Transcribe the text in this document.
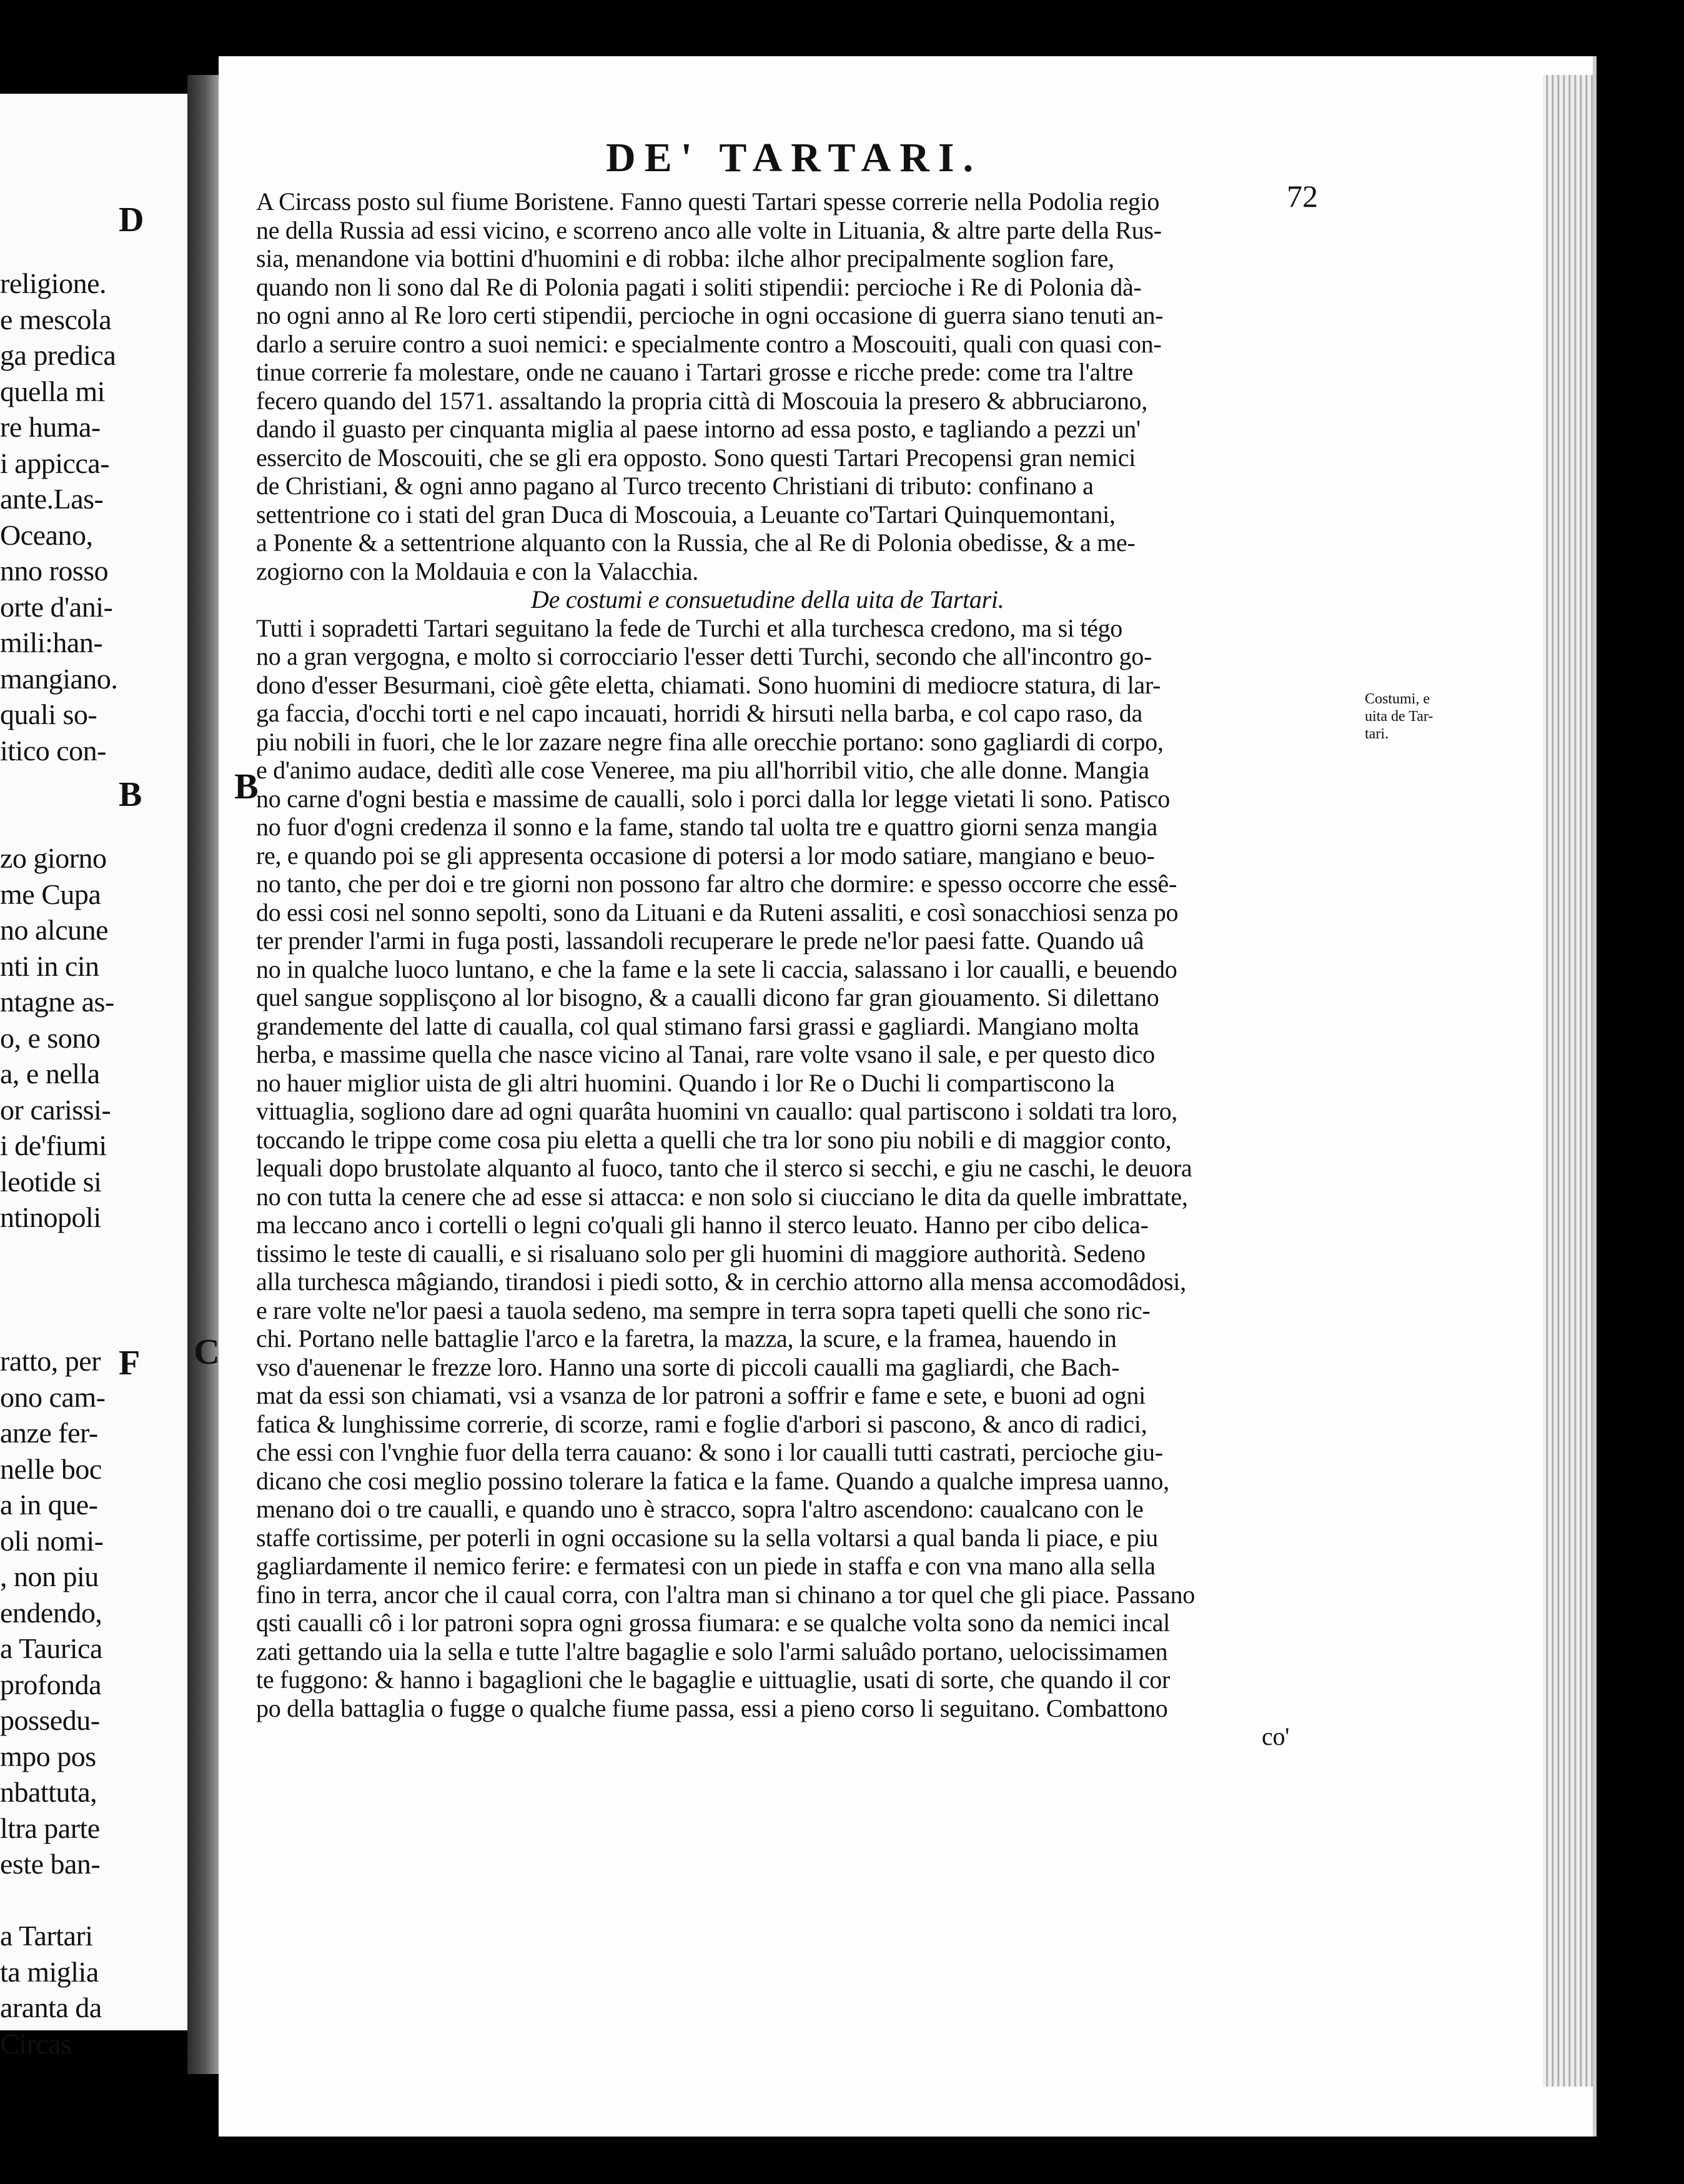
religione.
e mescola
ga predica
quella mi
re huma-
i appicca-
ante.Las-
Oceano,
nno rosso
orte d'ani-
mili:han-
mangiano.
quali so-
itico con-
zo giorno
me Cupa
no alcune
nti in cin
ntagne as-
o, e sono
a, e nella
or carissi-
i de'fiumi
leotide si
ntinopoli
ratto, per
ono cam-
anze fer-
nelle boc
a in que-
oli nomi-
, non piu
endendo,
a Taurica
profonda
possedu-
mpo pos
nbattuta,
ltra parte
este ban-
a Tartari
ta miglia
aranta da
Circas
D
B
F
DE' TARTARI.
72
A Circass posto sul fiume Boristene. Fanno questi Tartari spesse correrie nella Podolia regio
ne della Russia ad essi vicino, e scorreno anco alle volte in Lituania, & altre parte della Rus-
sia, menandone via bottini d'huomini e di robba: ilche alhor precipalmente soglion fare,
quando non li sono dal Re di Polonia pagati i soliti stipendii: percioche i Re di Polonia dà-
no ogni anno al Re loro certi stipendii, percioche in ogni occasione di guerra siano tenuti an-
darlo a seruire contro a suoi nemici: e specialmente contro a Moscouiti, quali con quasi con-
tinue correrie fa molestare, onde ne cauano i Tartari grosse e ricche prede: come tra l'altre
fecero quando del 1571. assaltando la propria città di Moscouia la presero & abbruciarono,
dando il guasto per cinquanta miglia al paese intorno ad essa posto, e tagliando a pezzi un'
essercito de Moscouiti, che se gli era opposto. Sono questi Tartari Precopensi gran nemici
de Christiani, & ogni anno pagano al Turco trecento Christiani di tributo: confinano a
settentrione co i stati del gran Duca di Moscouia, a Leuante co'Tartari Quinquemontani,
a Ponente & a settentrione alquanto con la Russia, che al Re di Polonia obedisse, & a me-
zogiorno con la Moldauia e con la Valacchia.
De costumi e consuetudine della uita de Tartari.
Tutti i sopradetti Tartari seguitano la fede de Turchi et alla turchesca credono, ma si tégo
no a gran vergogna, e molto si corrocciario l'esser detti Turchi, secondo che all'incontro go-
dono d'esser Besurmani, cioè gête eletta, chiamati. Sono huomini di mediocre statura, di lar-
ga faccia, d'occhi torti e nel capo incauati, horridi & hirsuti nella barba, e col capo raso, da
piu nobili in fuori, che le lor zazare negre fina alle orecchie portano: sono gagliardi di corpo,
e d'animo audace, deditì alle cose Veneree, ma piu all'horribil vitio, che alle donne. Mangia
no carne d'ogni bestia e massime de caualli, solo i porci dalla lor legge vietati li sono. Patisco
no fuor d'ogni credenza il sonno e la fame, stando tal uolta tre e quattro giorni senza mangia
re, e quando poi se gli appresenta occasione di potersi a lor modo satiare, mangiano e beuo-
no tanto, che per doi e tre giorni non possono far altro che dormire: e spesso occorre che essê-
do essi cosi nel sonno sepolti, sono da Lituani e da Ruteni assaliti, e così sonacchiosi senza po
ter prender l'armi in fuga posti, lassandoli recuperare le prede ne'lor paesi fatte. Quando uâ
no in qualche luoco luntano, e che la fame e la sete li caccia, salassano i lor caualli, e beuendo
quel sangue sopplisçono al lor bisogno, & a caualli dicono far gran giouamento. Si dilettano
grandemente del latte di caualla, col qual stimano farsi grassi e gagliardi. Mangiano molta
herba, e massime quella che nasce vicino al Tanai, rare volte vsano il sale, e per questo dico
no hauer miglior uista de gli altri huomini. Quando i lor Re o Duchi li compartiscono la
vittuaglia, sogliono dare ad ogni quarâta huomini vn cauallo: qual partiscono i soldati tra loro,
toccando le trippe come cosa piu eletta a quelli che tra lor sono piu nobili e di maggior conto,
lequali dopo brustolate alquanto al fuoco, tanto che il sterco si secchi, e giu ne caschi, le deuora
no con tutta la cenere che ad esse si attacca: e non solo si ciucciano le dita da quelle imbrattate,
ma leccano anco i cortelli o legni co'quali gli hanno il sterco leuato. Hanno per cibo delica-
tissimo le teste di caualli, e si risaluano solo per gli huomini di maggiore authorità. Sedeno
alla turchesca mâgiando, tirandosi i piedi sotto, & in cerchio attorno alla mensa accomodâdosi,
e rare volte ne'lor paesi a tauola sedeno, ma sempre in terra sopra tapeti quelli che sono ric-
chi. Portano nelle battaglie l'arco e la faretra, la mazza, la scure, e la framea, hauendo in
vso d'auenenar le frezze loro. Hanno una sorte di piccoli caualli ma gagliardi, che Bach-
mat da essi son chiamati, vsi a vsanza de lor patroni a soffrir e fame e sete, e buoni ad ogni
fatica & lunghissime correrie, di scorze, rami e foglie d'arbori si pascono, & anco di radici,
che essi con l'vnghie fuor della terra cauano: & sono i lor caualli tutti castrati, percioche giu-
dicano che cosi meglio possino tolerare la fatica e la fame. Quando a qualche impresa uanno,
menano doi o tre caualli, e quando uno è stracco, sopra l'altro ascendono: caualcano con le
staffe cortissime, per poterli in ogni occasione su la sella voltarsi a qual banda li piace, e piu
gagliardamente il nemico ferire: e fermatesi con un piede in staffa e con vna mano alla sella
fino in terra, ancor che il caual corra, con l'altra man si chinano a tor quel che gli piace. Passano
qsti caualli cô i lor patroni sopra ogni grossa fiumara: e se qualche volta sono da nemici incal
zati gettando uia la sella e tutte l'altre bagaglie e solo l'armi saluâdo portano, uelocissimamen
te fuggono: & hanno i bagaglioni che le bagaglie e uittuaglie, usati di sorte, che quando il cor
po della battaglia o fugge o qualche fiume passa, essi a pieno corso li seguitano. Combattono
co'
Costumi, e
uita de Tar-
tari.
B
C
